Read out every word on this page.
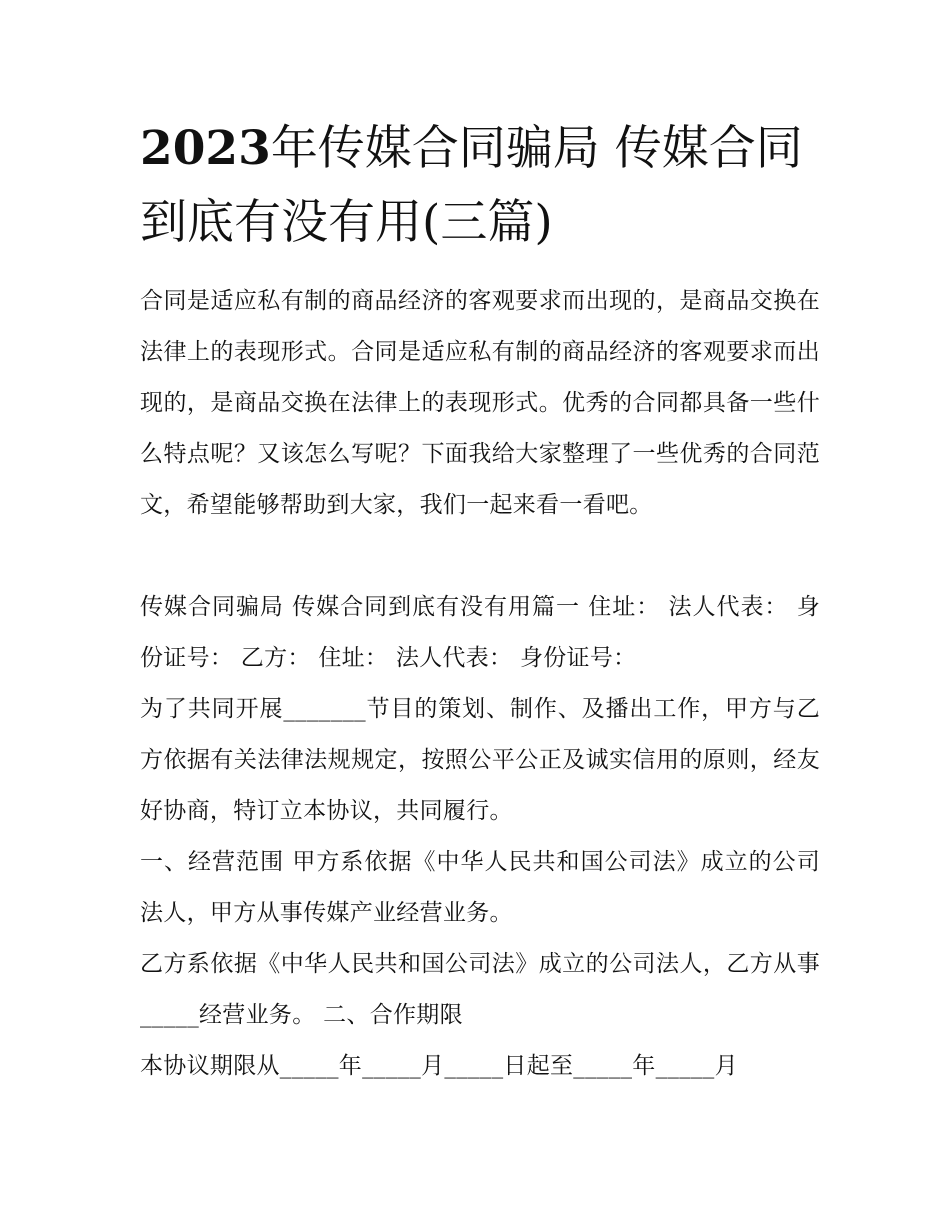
2023年传媒合同骗局 传媒合同到底有没有用(三篇)

合同是适应私有制的商品经济的客观要求而出现的，是商品交换在法律上的表现形式。合同是适应私有制的商品经济的客观要求而出现的，是商品交换在法律上的表现形式。优秀的合同都具备一些什么特点呢？又该怎么写呢？下面我给大家整理了一些优秀的合同范文，希望能够帮助到大家，我们一起来看一看吧。

传媒合同骗局 传媒合同到底有没有用篇一 住址： 法人代表： 身份证号： 乙方： 住址： 法人代表： 身份证号：

为了共同开展_______节目的策划、制作、及播出工作，甲方与乙方依据有关法律法规规定，按照公平公正及诚实信用的原则，经友好协商，特订立本协议，共同履行。

一、经营范围 甲方系依据《中华人民共和国公司法》成立的公司法人，甲方从事传媒产业经营业务。

乙方系依据《中华人民共和国公司法》成立的公司法人，乙方从事_____经营业务。 二、合作期限

本协议期限从_____年_____月_____日起至_____年_____月
